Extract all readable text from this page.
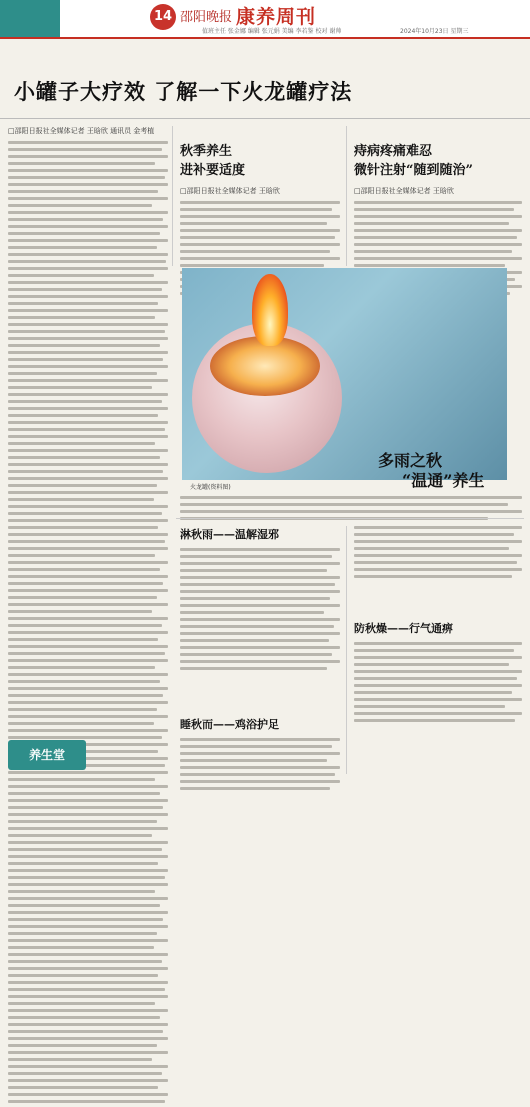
14 邵阳晚报 康养周刊
值班主任 张金娜 编辑 张元娟 美编 李若鉴 校对 谢帅	2024年10月23日 星期三
小罐子大疗效 了解一下火龙罐疗法
□邵阳日报社全媒体记者 王晗欣 通讯员 金考植
秋季养生
进补要适度
□邵阳日报社全媒体记者 王晗欣
痔病疼痛难忍
微针注射“随到随治”
□邵阳日报社全媒体记者 王晗欣
火龙罐(资料图)
多雨之秋
“温通”养生
淋秋雨——温解湿邪
防秋燥——行气通痹
睡秋而——鸡浴护足
养生堂
